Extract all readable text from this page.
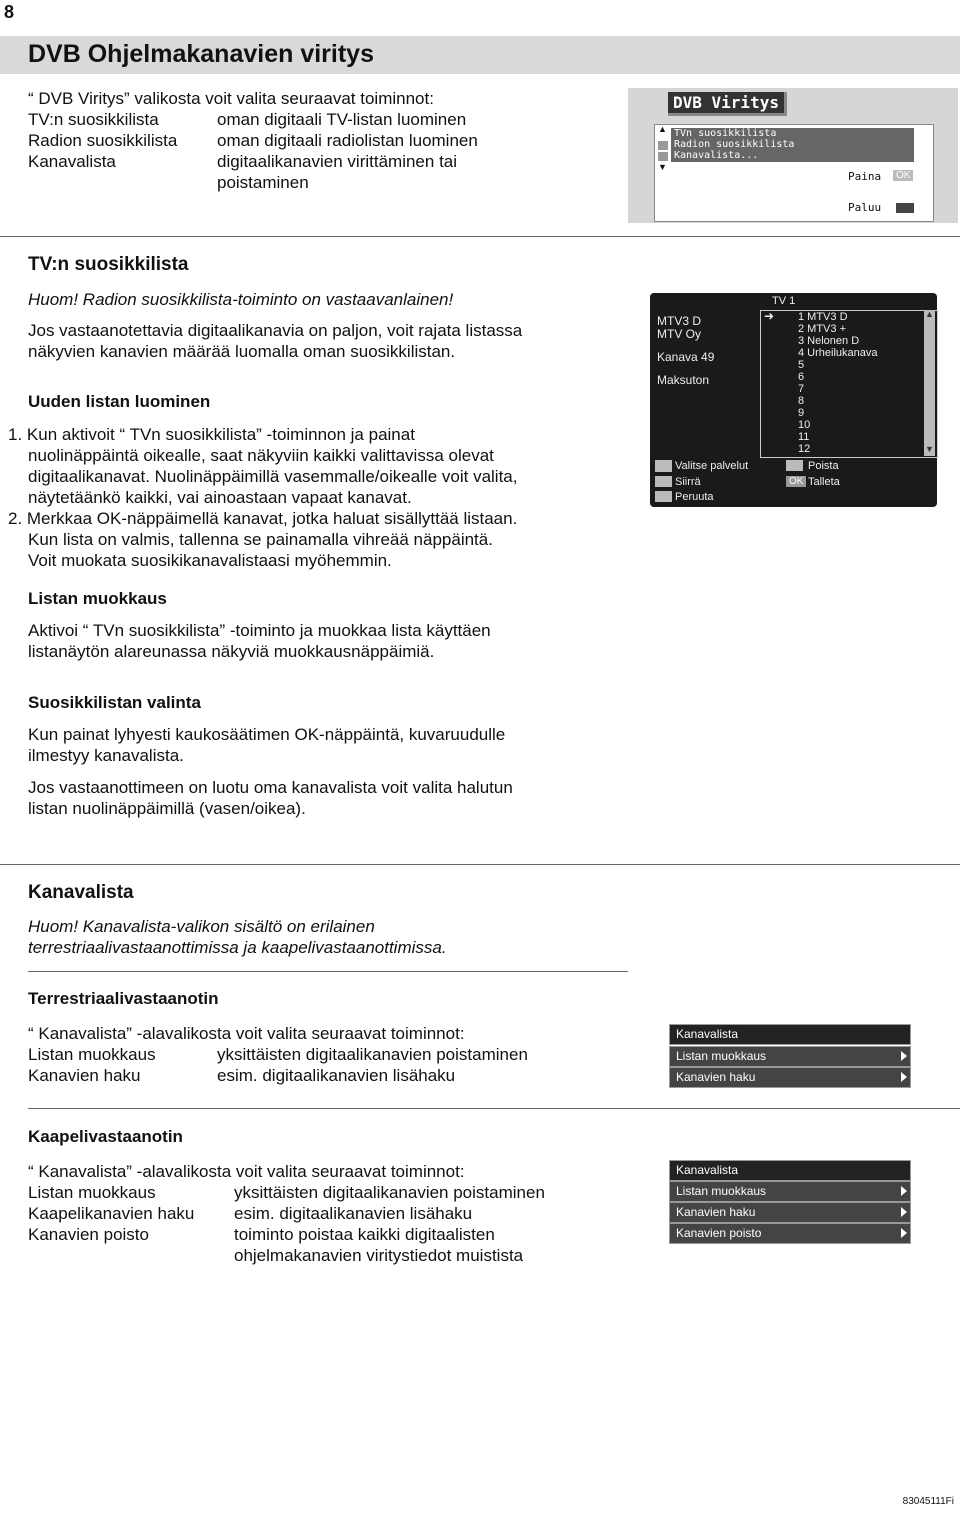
8
DVB Ohjelmakanavien viritys
“ DVB Viritys” valikosta voit valita seuraavat toiminnot:
TV:n suosikkilista	oman digitaali TV-listan luominen
Radion suosikkilista oman digitaali radiolistan luominen
Kanavalista	digitaalikanavien virittäminen tai
poistaminen
DVB Viritys
▲
▼
TVn suosikkilista
Radion suosikkilista
Kanavalista...
Paina	OK
Paluu
TV:n suosikkilista
Huom! Radion suosikkilista-toiminto on vastaavanlainen!
Jos vastaanotettavia digitaalikanavia on paljon, voit rajata listassa
näkyvien kanavien määrää luomalla oman suosikkilistan.
Uuden listan luominen
1. Kun aktivoit “ TVn suosikkilista” -toiminnon ja painat
nuolinäppäintä oikealle, saat näkyviin kaikki valittavissa olevat
digitaalikanavat. Nuolinäppäimillä vasemmalle/oikealle voit valita,
näytetäänkö kaikki, vai ainoastaan vapaat kanavat.
2. Merkkaa OK-näppäimellä kanavat, jotka haluat sisällyttää listaan.
Kun lista on valmis, tallenna se painamalla vihreää näppäintä.
Voit muokata suosikikanavalistaasi myöhemmin.
Listan muokkaus
Aktivoi “ TVn suosikkilista” -toiminto ja muokkaa lista käyttäen
listanäytön alareunassa näkyviä muokkausnäppäimiä.
Suosikkilistan valinta
Kun painat lyhyesti kaukosäätimen OK-näppäintä, kuvaruudulle
ilmestyy kanavalista.
Jos vastaanottimeen on luotu oma kanavalista voit valita halutun
listan nuolinäppäimillä (vasen/oikea).
TV 1
MTV3 D
MTV Oy
Kanava 49
Maksuton
➜ 1 MTV3 D
2 MTV3 +
3 Nelonen D
4 Urheilukanava
5
6
7
8
9
10
11
12
▲
▼
Valitse palvelut
Siirrä
Peruuta
Poista
OK Talleta
Kanavalista
Huom! Kanavalista-valikon sisältö on erilainen
terrestriaalivastaanottimissa ja kaapelivastaanottimissa.
Terrestriaalivastaanotin
“ Kanavalista” -alavalikosta voit valita seuraavat toiminnot:
Listan muokkaus	yksittäisten digitaalikanavien poistaminen
Kanavien haku	esim. digitaalikanavien lisähaku
Kanavalista
Listan muokkaus
Kanavien haku
Kaapelivastaanotin
“ Kanavalista” -alavalikosta voit valita seuraavat toiminnot:
Listan muokkaus	yksittäisten digitaalikanavien poistaminen
Kaapelikanavien haku esim. digitaalikanavien lisähaku
Kanavien poisto	toiminto poistaa kaikki digitaalisten
ohjelmakanavien viritystiedot muistista
Kanavalista
Listan muokkaus
Kanavien haku
Kanavien poisto
83045111Fi
